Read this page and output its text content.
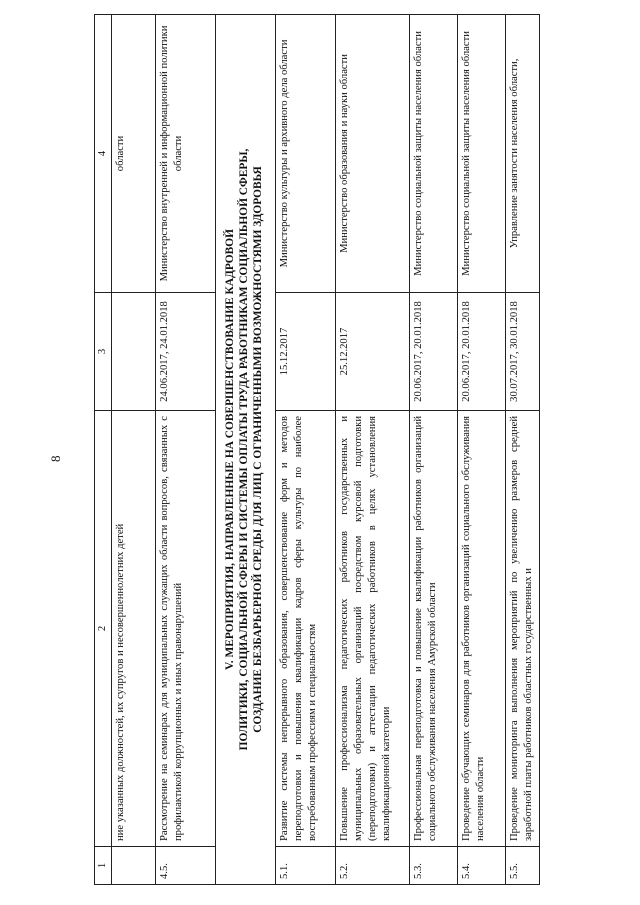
8
1	2	3	4
	ние указанных должностей, их супругов и несовершеннолетних детей		области
4.5.	Рассмотрение на семинарах для муниципальных служащих области вопросов, связанных с профилактикой коррупционных и иных правонарушений	24.06.2017, 24.01.2018	Министерство внутренней и информационной политики области

V. МЕРОПРИЯТИЯ, НАПРАВЛЕННЫЕ НА СОВЕРШЕНСТВОВАНИЕ КАДРОВОЙ ПОЛИТИКИ, СОЦИАЛЬНОЙ СФЕРЫ И СИСТЕМЫ ОПЛАТЫ ТРУДА РАБОТНИКАМ СОЦИАЛЬНОЙ СФЕРЫ, СОЗДАНИЕ БЕЗБАРЬЕРНОЙ СРЕДЫ ДЛЯ ЛИЦ С ОГРАНИЧЕННЫМИ ВОЗМОЖНОСТЯМИ ЗДОРОВЬЯ			

5.1.	Развитие системы непрерывного образования, совершенствование форм и методов переподготовки и повышения квалификации кадров сферы культуры по наиболее востребованным профессиям и специальностям	15.12.2017	Министерство культуры и архивного дела области
5.2.	Повышение профессионализма педагогических работников государственных и муниципальных образовательных организаций посредством курсовой подготовки (переподготовки) и аттестации педагогических работников в целях установления квалификационной категории	25.12.2017	Министерство образования и науки области
5.3.	Профессиональная переподготовка и повышение квалификации работников организаций социального обслуживания населения Амурской области	20.06.2017, 20.01.2018	Министерство социальной защиты населения области
5.4.	Проведение обучающих семинаров для работников организаций социального обслуживания населения области	20.06.2017, 20.01.2018	Министерство социальной защиты населения области
5.5.	Проведение мониторинга выполнения мероприятий по увеличению размеров средней заработной платы работников областных государственных и	30.07.2017, 30.01.2018	Управление занятости населения области,
